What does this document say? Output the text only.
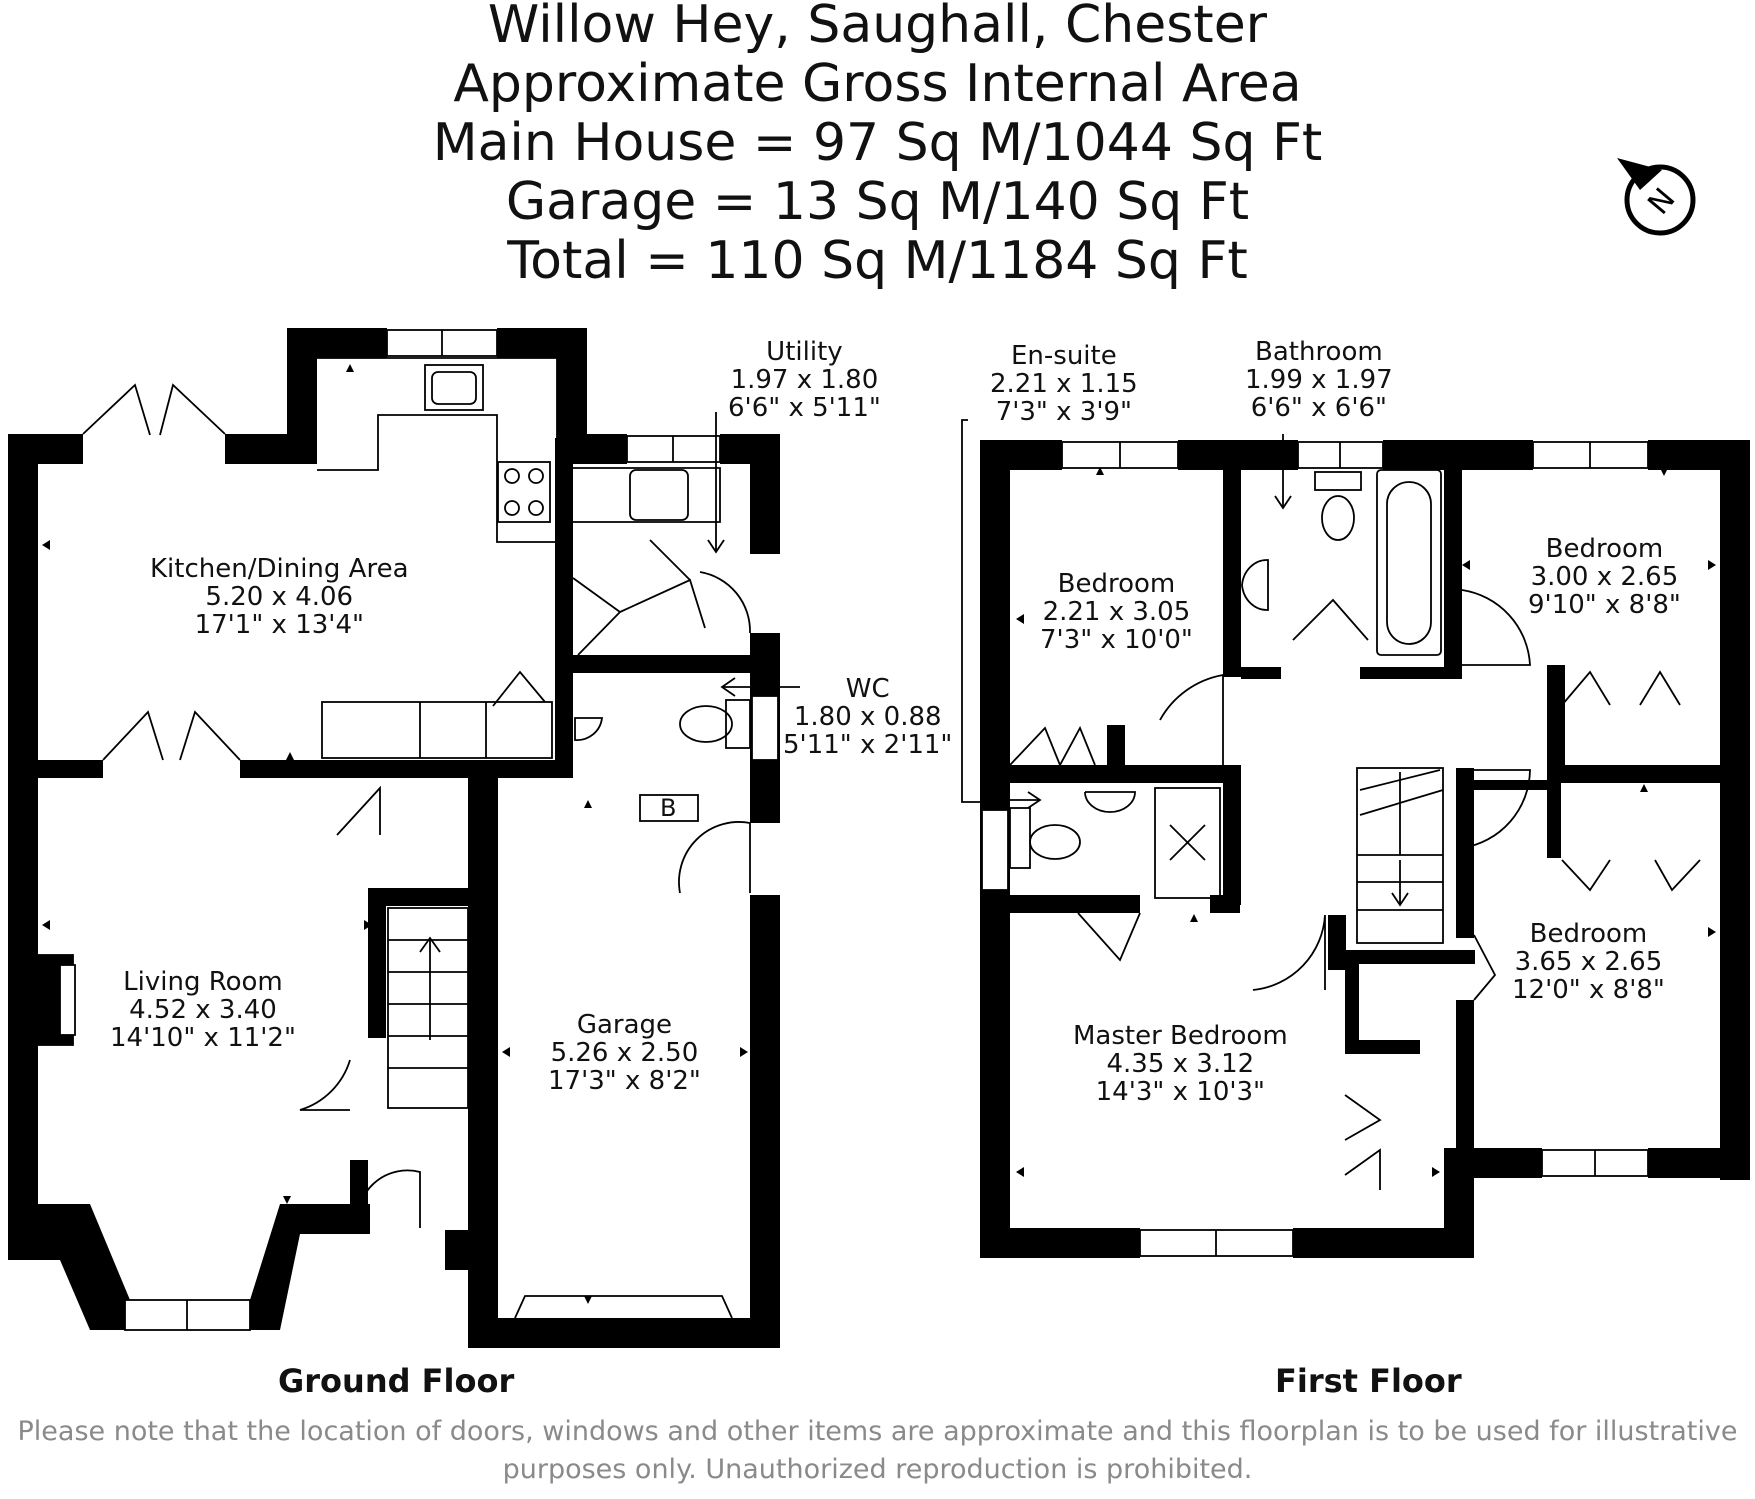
Willow Hey, Saughall, Chester
Approximate Gross Internal Area
Main House = 97 Sq M/1044 Sq Ft
Garage = 13 Sq M/140 Sq Ft
Total = 110 Sq M/1184 Sq Ft
N
Kitchen/Dining Area
5.20 x 4.06
17'1" x 13'4"
Utility
1.97 x 1.80
6'6" x 5'11"
WC
1.80 x 0.88
5'11" x 2'11"
Living Room
4.52 x 3.40
14'10" x 11'2"	Garage
5.26 x 2.50
17'3" x 8'2"
En-suite
2.21 x 1.15
7'3" x 3'9"
Bathroom
1.99 x 1.97
6'6" x 6'6"
Bedroom
2.21 x 3.05
7'3" x 10'0"
Bedroom
3.00 x 2.65
9'10" x 8'8"
Bedroom
3.65 x 2.65
12'0" x 8'8"
Master Bedroom
4.35 x 3.12
14'3" x 10'3"
B
Ground Floor	First Floor
Please note that the location of doors, windows and other items are approximate and this floorplan is to be used for illustrative
purposes only. Unauthorized reproduction is prohibited.
